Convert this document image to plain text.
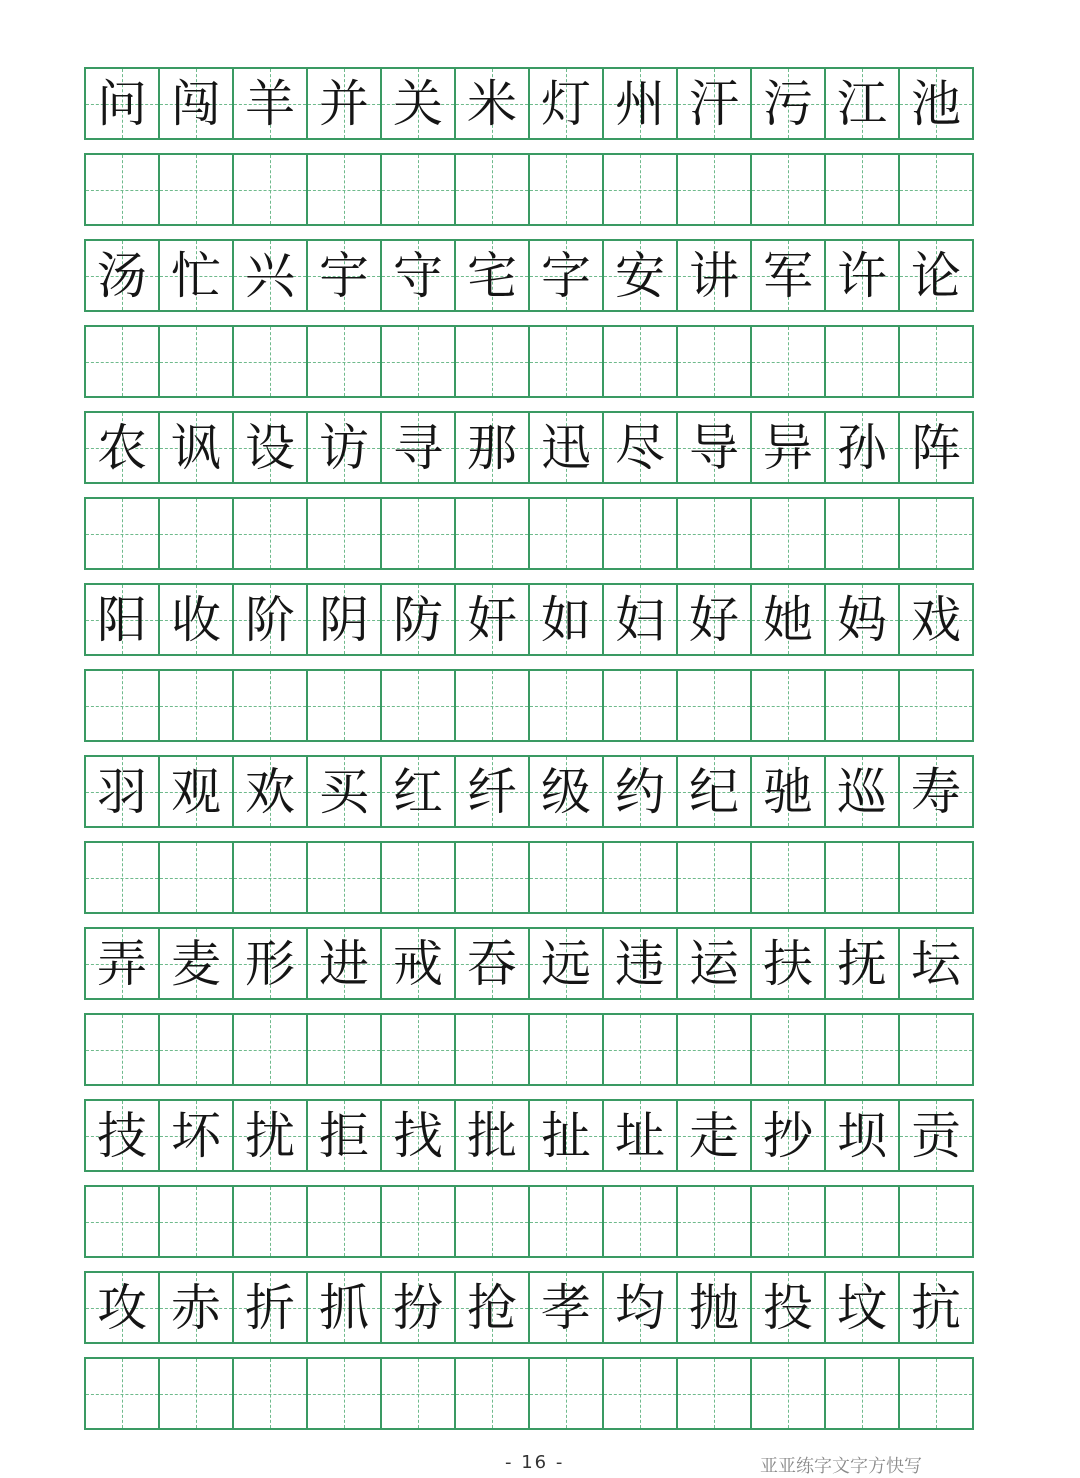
问 闯 羊 并 关 米 灯 州 汗 污 江 池
汤 忙 兴 宇 守 宅 字 安 讲 军 许 论
农 讽 设 访 寻 那 迅 尽 导 异 孙 阵
阳 收 阶 阴 防 奸 如 妇 好 她 妈 戏
羽 观 欢 买 红 纤 级 约 纪 驰 巡 寿
弄 麦 形 进 戒 吞 远 违 运 扶 抚 坛
技 坏 扰 拒 找 批 扯 址 走 抄 坝 贡
攻 赤 折 抓 扮 抢 孝 均 抛 投 坟 抗
- 16 -	亚亚练字文字方快写
